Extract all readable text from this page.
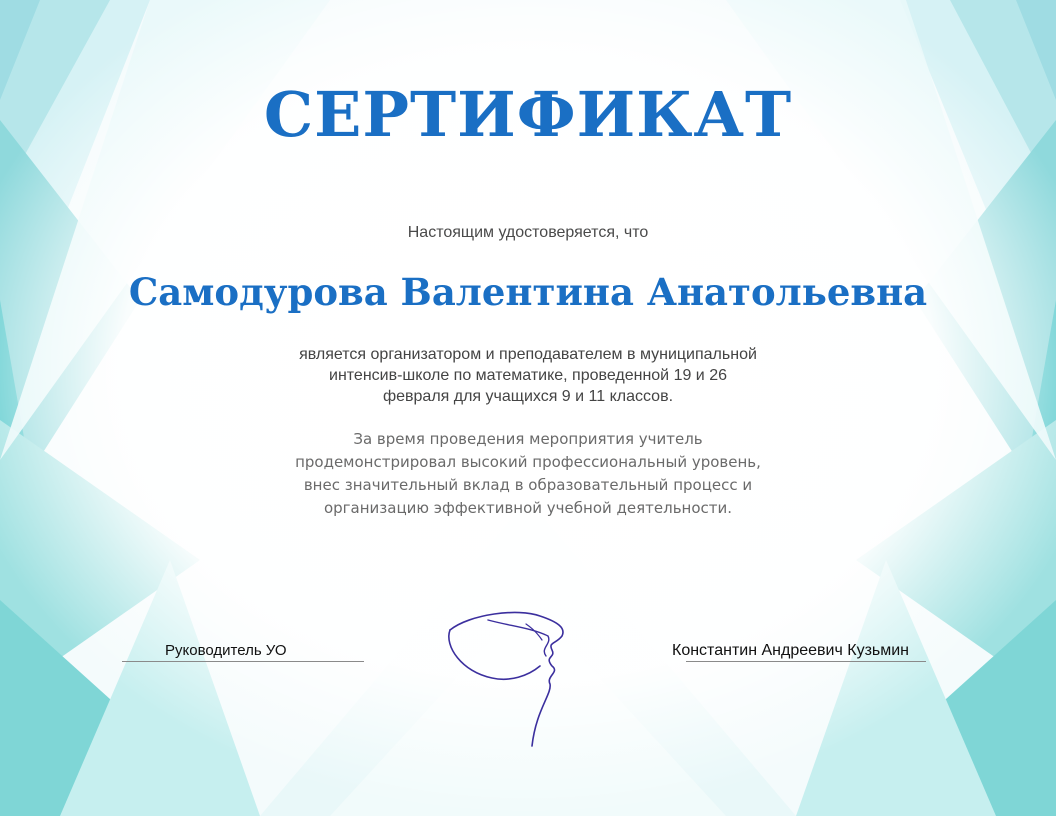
СЕРТИФИКАТ
Настоящим удостоверяется, что
Самодурова Валентина Анатольевна
является организатором и преподавателем в муниципальной
интенсив-школе по математике, проведенной 19 и 26
февраля для учащихся 9 и 11 классов.
За время проведения мероприятия учитель
продемонстрировал высокий профессиональный уровень,
внес значительный вклад в образовательный процесс и
организацию эффективной учебной деятельности.
Руководитель УО	Константин Андреевич Кузьмин
